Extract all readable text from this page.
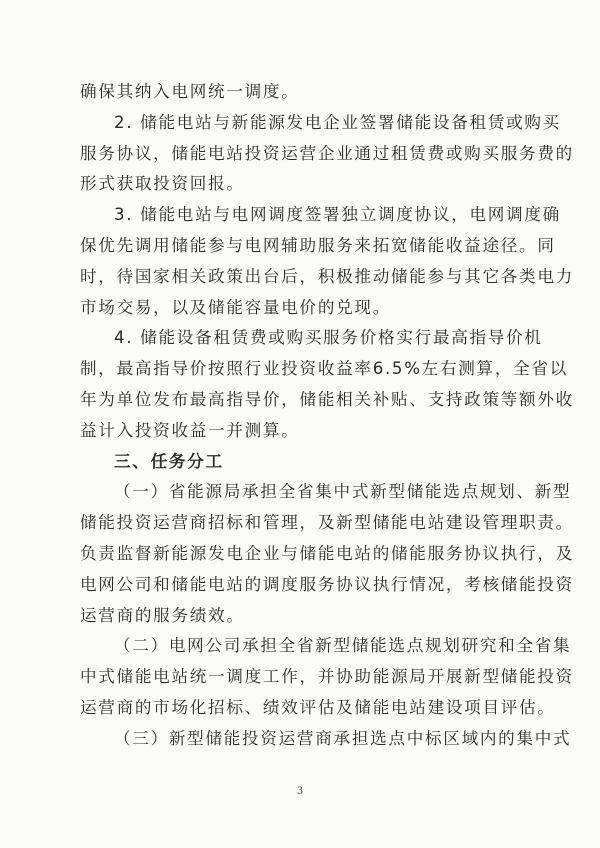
确保其纳入电网统一调度。
2. 储能电站与新能源发电企业签署储能设备租赁或购买
服务协议，储能电站投资运营企业通过租赁费或购买服务费的
形式获取投资回报。
3. 储能电站与电网调度签署独立调度协议，电网调度确
保优先调用储能参与电网辅助服务来拓宽储能收益途径。同
时，待国家相关政策出台后，积极推动储能参与其它各类电力
市场交易，以及储能容量电价的兑现。
4. 储能设备租赁费或购买服务价格实行最高指导价机
制，最高指导价按照行业投资收益率6.5%左右测算，全省以
年为单位发布最高指导价，储能相关补贴、支持政策等额外收
益计入投资收益一并测算。
三、任务分工
（一）省能源局承担全省集中式新型储能选点规划、新型
储能投资运营商招标和管理，及新型储能电站建设管理职责。
负责监督新能源发电企业与储能电站的储能服务协议执行，及
电网公司和储能电站的调度服务协议执行情况，考核储能投资
运营商的服务绩效。
（二）电网公司承担全省新型储能选点规划研究和全省集
中式储能电站统一调度工作，并协助能源局开展新型储能投资
运营商的市场化招标、绩效评估及储能电站建设项目评估。
（三）新型储能投资运营商承担选点中标区域内的集中式
3
